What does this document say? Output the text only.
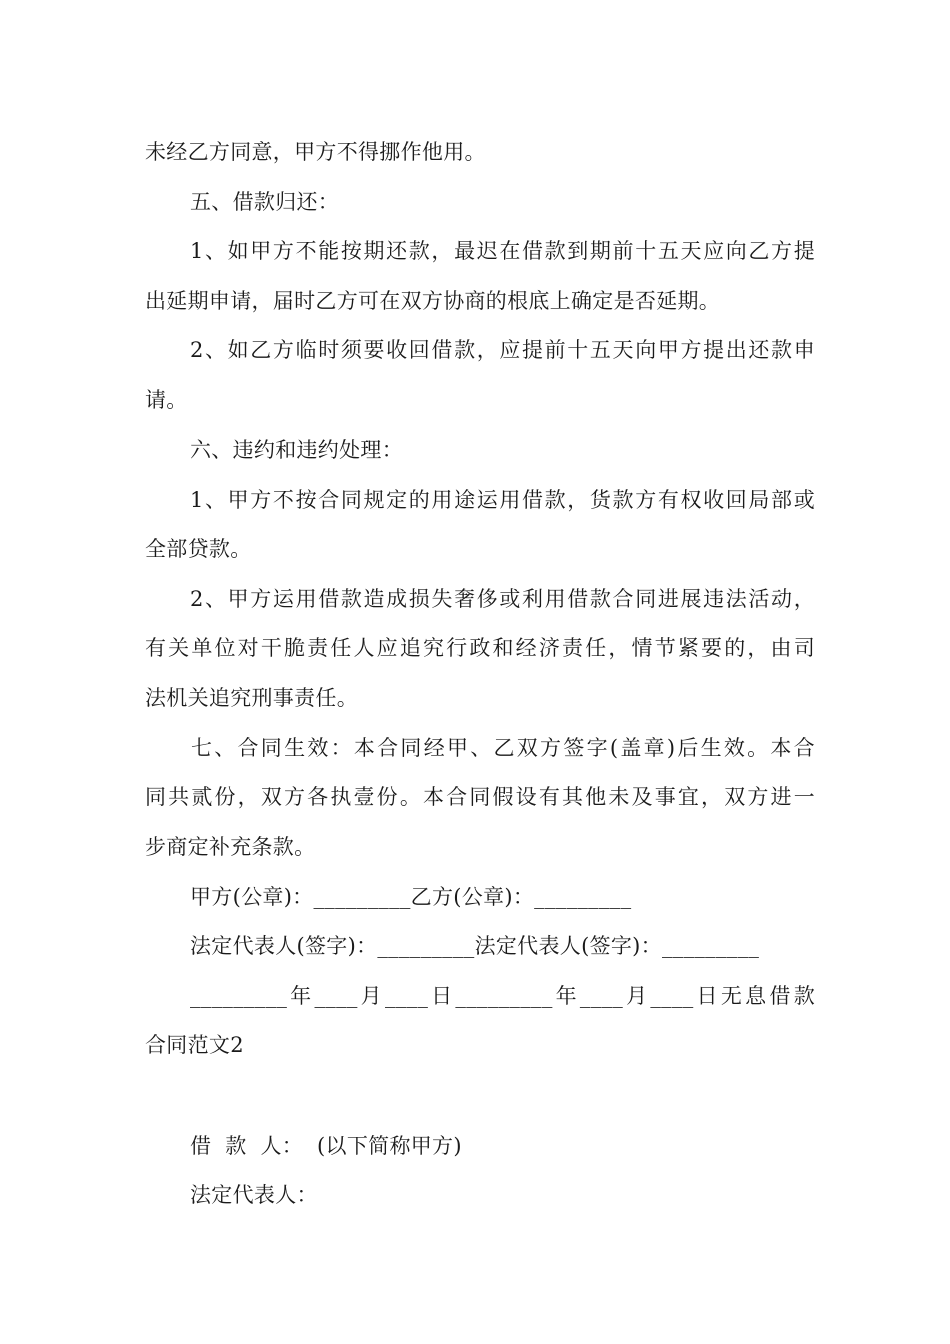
未经乙方同意，甲方不得挪作他用。
五、借款归还：
1、如甲方不能按期还款，最迟在借款到期前十五天应向乙方提
出延期申请，届时乙方可在双方协商的根底上确定是否延期。
2、如乙方临时须要收回借款，应提前十五天向甲方提出还款申
请。
六、违约和违约处理：
1、甲方不按合同规定的用途运用借款，货款方有权收回局部或
全部贷款。
2、甲方运用借款造成损失奢侈或利用借款合同进展违法活动，
有关单位对干脆责任人应追究行政和经济责任，情节紧要的，由司
法机关追究刑事责任。
七、合同生效：本合同经甲、乙双方签字(盖章)后生效。本合
同共贰份，双方各执壹份。本合同假设有其他未及事宜，双方进一
步商定补充条款。
甲方(公章)：_________乙方(公章)：_________
法定代表人(签字)：_________法定代表人(签字)：_________
_________年____月____日_________年____月____日无息借款
合同范文2
借  款  人：  (以下简称甲方)
法定代表人：
